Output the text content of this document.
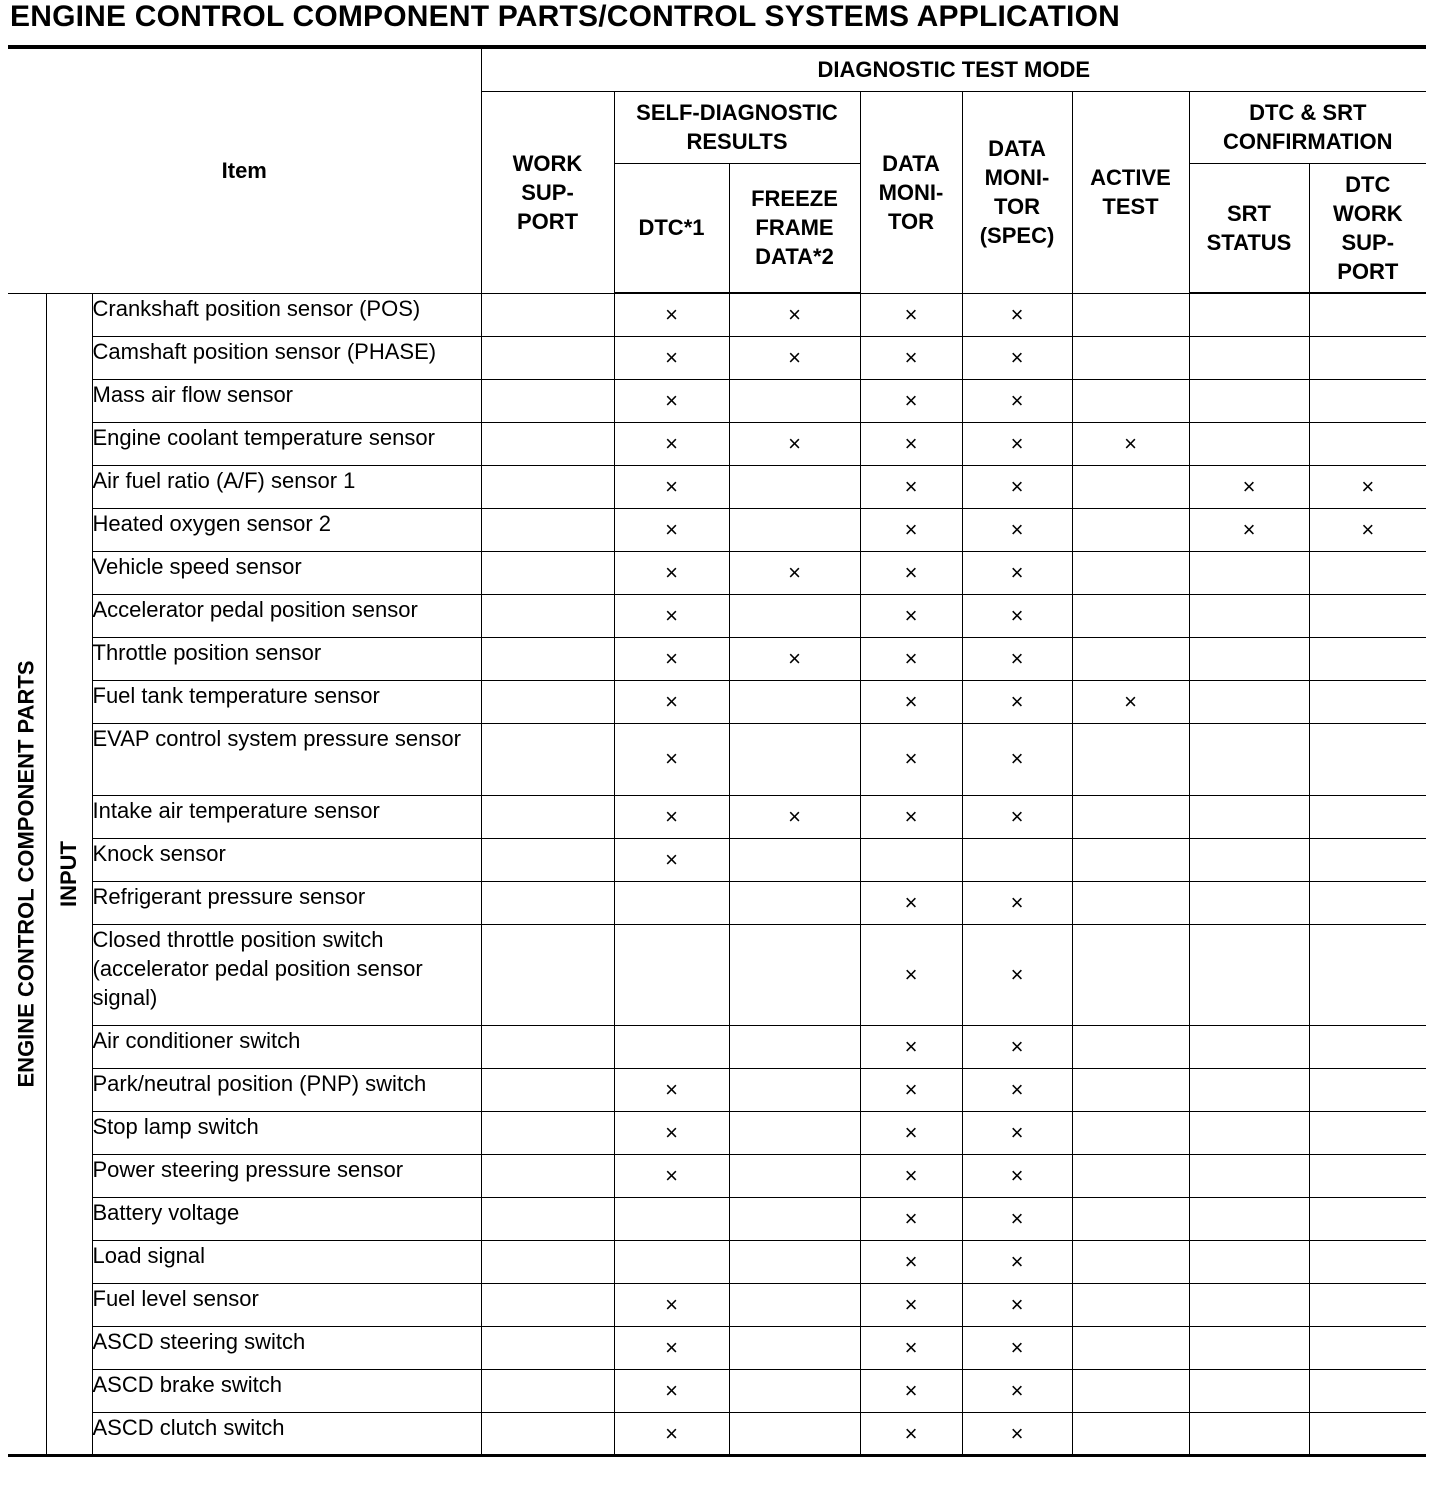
ENGINE CONTROL COMPONENT PARTS/CONTROL SYSTEMS APPLICATION
Item			DIAGNOSTIC TEST MODE							

			WORK SUP- PORT	SELF-DIAGNOSTIC RESULTS		DATA MONI- TOR	DATA MONI- TOR (SPEC)	ACTIVE TEST	DTC & SRT CONFIRMATION	

				DTC*1	FREEZE FRAME DATA*2				SRT STATUS	DTC WORK SUP- PORT

ENGINE CONTROL COMPONENT PARTS	INPUT	Crankshaft position sensor (POS)		×	×	×	×			
		Camshaft position sensor (PHASE)		×	×	×	×			
		Mass air flow sensor		×		×	×			
		Engine coolant temperature sensor		×	×	×	×	×		
		Air fuel ratio (A/F) sensor 1		×		×	×		×	×
		Heated oxygen sensor 2		×		×	×		×	×
		Vehicle speed sensor		×	×	×	×			
		Accelerator pedal position sensor		×		×	×			
		Throttle position sensor		×	×	×	×			
		Fuel tank temperature sensor		×		×	×	×		
		EVAP control system pressure sensor		×		×	×			
		Intake air temperature sensor		×	×	×	×			
		Knock sensor		×						
		Refrigerant pressure sensor				×	×			
		Closed throttle position switch (accelerator pedal position sensor signal)				×	×			
		Air conditioner switch				×	×			
		Park/neutral position (PNP) switch		×		×	×			
		Stop lamp switch		×		×	×			
		Power steering pressure sensor		×		×	×			
		Battery voltage				×	×			
		Load signal				×	×			
		Fuel level sensor		×		×	×			
		ASCD steering switch		×		×	×			
		ASCD brake switch		×		×	×			
		ASCD clutch switch		×		×	×			
